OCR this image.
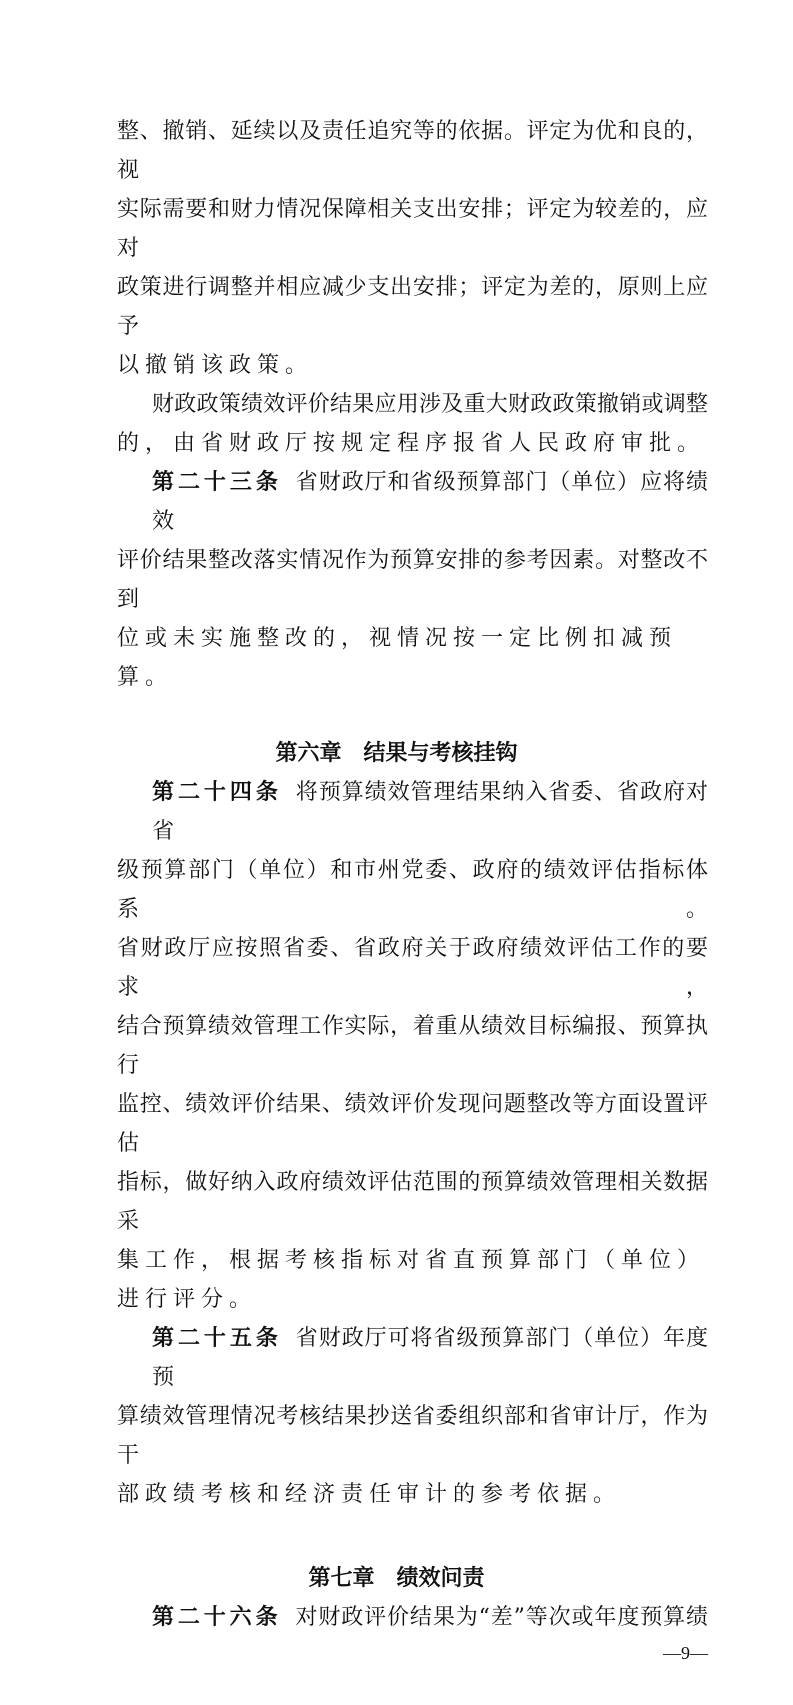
整、撤销、延续以及责任追究等的依据。评定为优和良的，视
实际需要和财力情况保障相关支出安排；评定为较差的，应对
政策进行调整并相应减少支出安排；评定为差的，原则上应予
以撤销该政策。
财政政策绩效评价结果应用涉及重大财政政策撤销或调整
的，由省财政厅按规定程序报省人民政府审批。
第二十三条 省财政厅和省级预算部门（单位）应将绩效
评价结果整改落实情况作为预算安排的参考因素。对整改不到
位或未实施整改的，视情况按一定比例扣减预算。
第六章 结果与考核挂钩
第二十四条 将预算绩效管理结果纳入省委、省政府对省
级预算部门（单位）和市州党委、政府的绩效评估指标体系。
省财政厅应按照省委、省政府关于政府绩效评估工作的要求，
结合预算绩效管理工作实际，着重从绩效目标编报、预算执行
监控、绩效评价结果、绩效评价发现问题整改等方面设置评估
指标，做好纳入政府绩效评估范围的预算绩效管理相关数据采
集工作，根据考核指标对省直预算部门（单位）进行评分。
第二十五条 省财政厅可将省级预算部门（单位）年度预
算绩效管理情况考核结果抄送省委组织部和省审计厅，作为干
部政绩考核和经济责任审计的参考依据。
第七章 绩效问责
第二十六条 对财政评价结果为“差”等次或年度预算绩
—9—
